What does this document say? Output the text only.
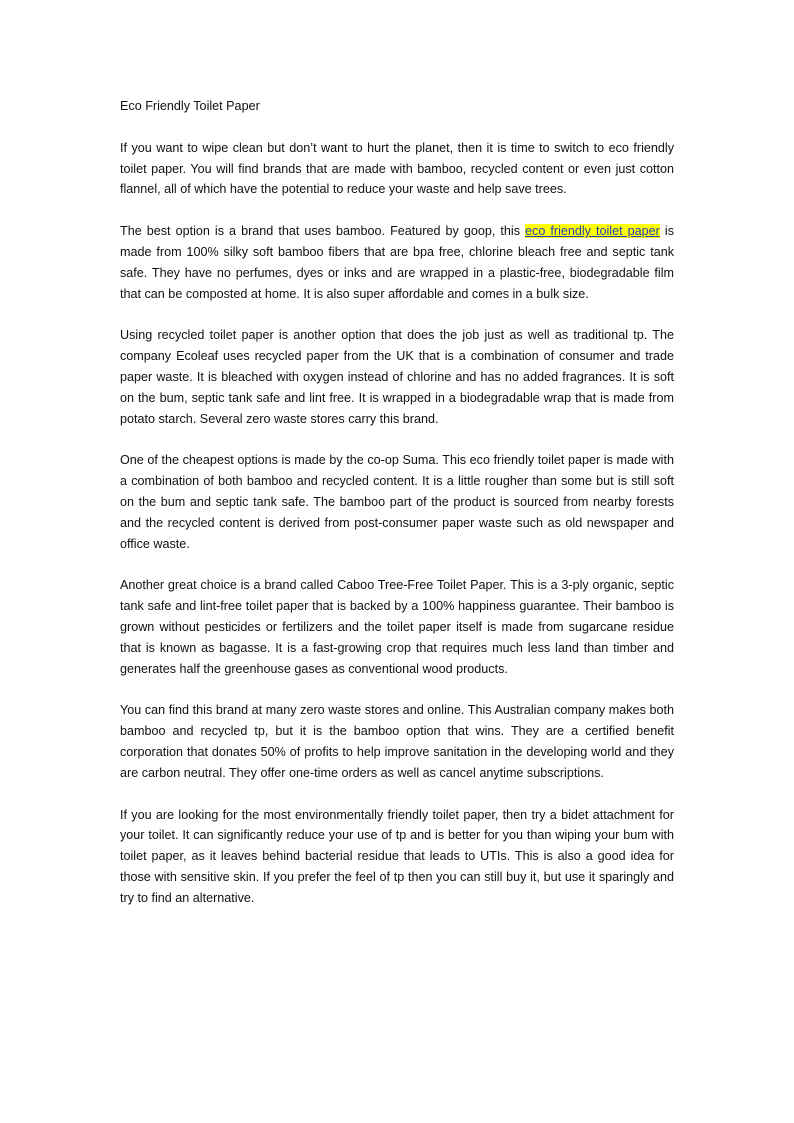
Eco Friendly Toilet Paper

If you want to wipe clean but don’t want to hurt the planet, then it is time to switch to eco friendly toilet paper. You will find brands that are made with bamboo, recycled content or even just cotton flannel, all of which have the potential to reduce your waste and help save trees.

The best option is a brand that uses bamboo. Featured by goop, this eco friendly toilet paper is made from 100% silky soft bamboo fibers that are bpa free, chlorine bleach free and septic tank safe. They have no perfumes, dyes or inks and are wrapped in a plastic-free, biodegradable film that can be composted at home. It is also super affordable and comes in a bulk size.

Using recycled toilet paper is another option that does the job just as well as traditional tp. The company Ecoleaf uses recycled paper from the UK that is a combination of consumer and trade paper waste. It is bleached with oxygen instead of chlorine and has no added fragrances. It is soft on the bum, septic tank safe and lint free. It is wrapped in a biodegradable wrap that is made from potato starch. Several zero waste stores carry this brand.

One of the cheapest options is made by the co-op Suma. This eco friendly toilet paper is made with a combination of both bamboo and recycled content. It is a little rougher than some but is still soft on the bum and septic tank safe. The bamboo part of the product is sourced from nearby forests and the recycled content is derived from post-consumer paper waste such as old newspaper and office waste.

Another great choice is a brand called Caboo Tree-Free Toilet Paper. This is a 3-ply organic, septic tank safe and lint-free toilet paper that is backed by a 100% happiness guarantee. Their bamboo is grown without pesticides or fertilizers and the toilet paper itself is made from sugarcane residue that is known as bagasse. It is a fast-growing crop that requires much less land than timber and generates half the greenhouse gases as conventional wood products.

You can find this brand at many zero waste stores and online. This Australian company makes both bamboo and recycled tp, but it is the bamboo option that wins. They are a certified benefit corporation that donates 50% of profits to help improve sanitation in the developing world and they are carbon neutral. They offer one-time orders as well as cancel anytime subscriptions.

If you are looking for the most environmentally friendly toilet paper, then try a bidet attachment for your toilet. It can significantly reduce your use of tp and is better for you than wiping your bum with toilet paper, as it leaves behind bacterial residue that leads to UTIs. This is also a good idea for those with sensitive skin. If you prefer the feel of tp then you can still buy it, but use it sparingly and try to find an alternative.
